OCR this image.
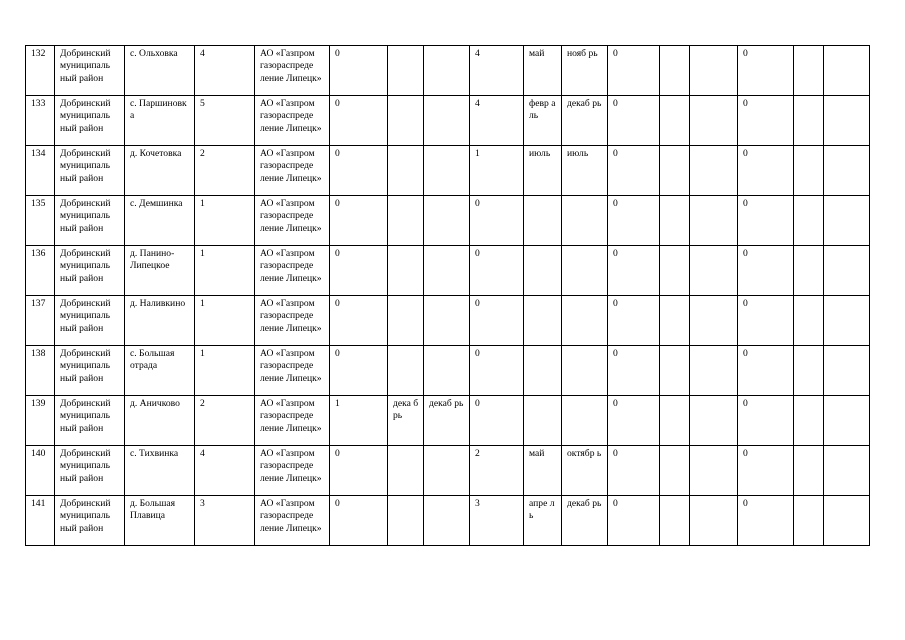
132	Добринский муниципаль ный район	с. Ольховка	4	АО «Газпром газораспреде ление Липецк»	0			4	май	нояб рь	0			0		
133	Добринский муниципаль ный район	с. Паршиновк а	5	АО «Газпром газораспреде ление Липецк»	0			4	февр аль	декаб рь	0			0		
134	Добринский муниципаль ный район	д. Кочетовка	2	АО «Газпром газораспреде ление Липецк»	0			1	июль	июль	0			0		
135	Добринский муниципаль ный район	с. Демшинка	1	АО «Газпром газораспреде ление Липецк»	0			0			0			0		
136	Добринский муниципаль ный район	д. Панино-Липецкое	1	АО «Газпром газораспреде ление Липецк»	0			0			0			0		
137	Добринский муниципаль ный район	д. Наливкино	1	АО «Газпром газораспреде ление Липецк»	0			0			0			0		
138	Добринский муниципаль ный район	с. Большая отрада	1	АО «Газпром газораспреде ление Липецк»	0			0			0			0		
139	Добринский муниципаль ный район	д. Аничково	2	АО «Газпром газораспреде ление Липецк»	1	дека брь	декаб рь	0			0			0		
140	Добринский муниципаль ный район	с. Тихвинка	4	АО «Газпром газораспреде ление Липецк»	0			2	май	октябр ь	0			0		
141	Добринский муниципаль ный район	д. Большая Плавица	3	АО «Газпром газораспреде ление Липецк»	0			3	апре ль	декаб рь	0			0		
